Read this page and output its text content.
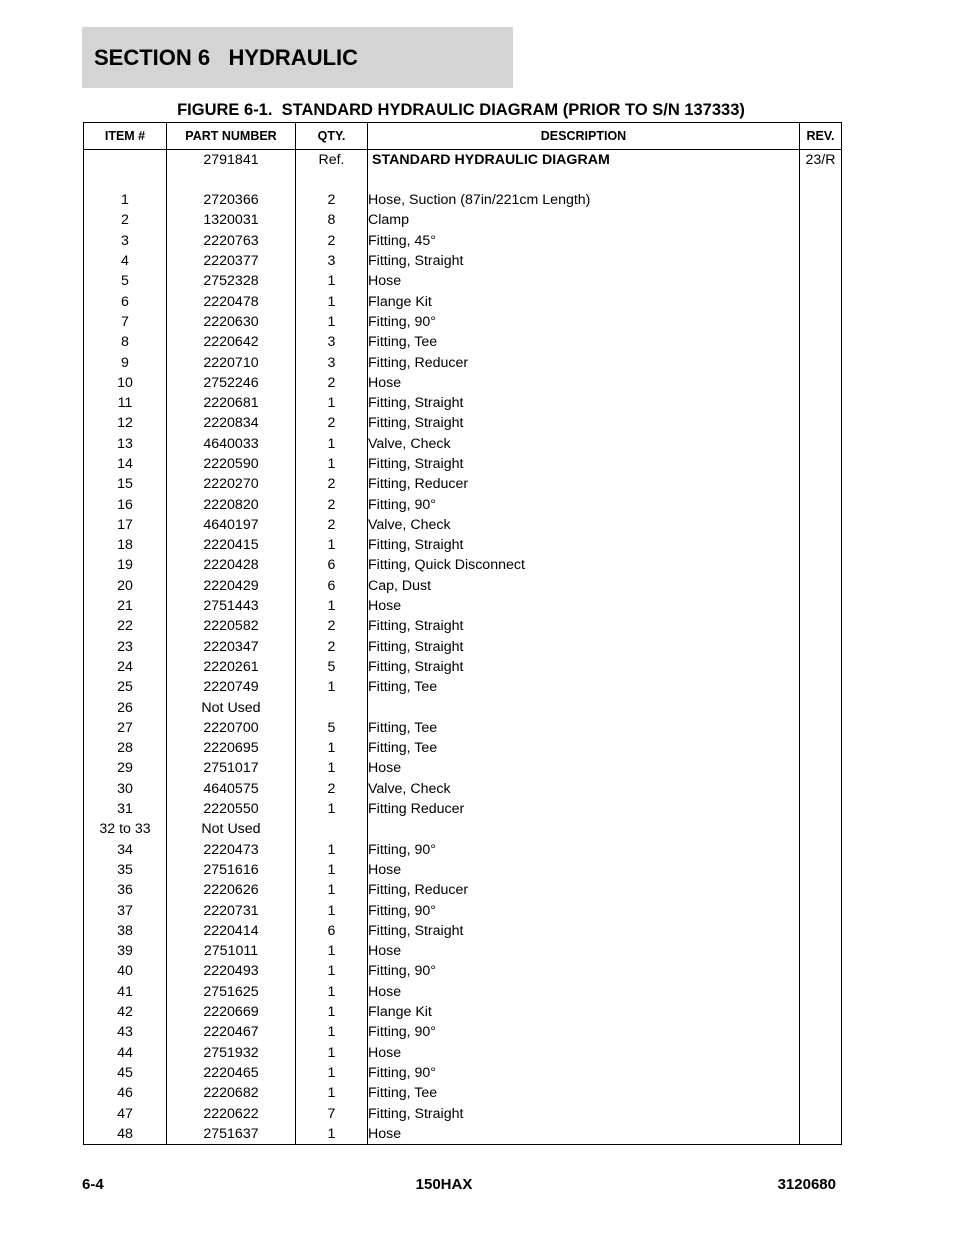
SECTION 6   HYDRAULIC
FIGURE 6-1.  STANDARD HYDRAULIC DIAGRAM (PRIOR TO S/N 137333)
ITEM #	PART NUMBER	QTY.	DESCRIPTION	REV.
	2791841	Ref.	STANDARD HYDRAULIC DIAGRAM	23/R

1	2720366	2	Hose, Suction (87in/221cm Length)	
2	1320031	8	Clamp	
3	2220763	2	Fitting, 45°	
4	2220377	3	Fitting, Straight	
5	2752328	1	Hose	
6	2220478	1	Flange Kit	
7	2220630	1	Fitting, 90°	
8	2220642	3	Fitting, Tee	
9	2220710	3	Fitting, Reducer	
10	2752246	2	Hose	
11	2220681	1	Fitting, Straight	
12	2220834	2	Fitting, Straight	
13	4640033	1	Valve, Check	
14	2220590	1	Fitting, Straight	
15	2220270	2	Fitting, Reducer	
16	2220820	2	Fitting, 90°	
17	4640197	2	Valve, Check	
18	2220415	1	Fitting, Straight	
19	2220428	6	Fitting, Quick Disconnect	
20	2220429	6	Cap, Dust	
21	2751443	1	Hose	
22	2220582	2	Fitting, Straight	
23	2220347	2	Fitting, Straight	
24	2220261	5	Fitting, Straight	
25	2220749	1	Fitting, Tee	
26	Not Used			
27	2220700	5	Fitting, Tee	
28	2220695	1	Fitting, Tee	
29	2751017	1	Hose	
30	4640575	2	Valve, Check	
31	2220550	1	Fitting Reducer	
32 to 33	Not Used			
34	2220473	1	Fitting, 90°	
35	2751616	1	Hose	
36	2220626	1	Fitting, Reducer	
37	2220731	1	Fitting, 90°	
38	2220414	6	Fitting, Straight	
39	2751011	1	Hose	
40	2220493	1	Fitting, 90°	
41	2751625	1	Hose	
42	2220669	1	Flange Kit	
43	2220467	1	Fitting, 90°	
44	2751932	1	Hose	
45	2220465	1	Fitting, 90°	
46	2220682	1	Fitting, Tee	
47	2220622	7	Fitting, Straight	
48	2751637	1	Hose	
6-4	150HAX	3120680
